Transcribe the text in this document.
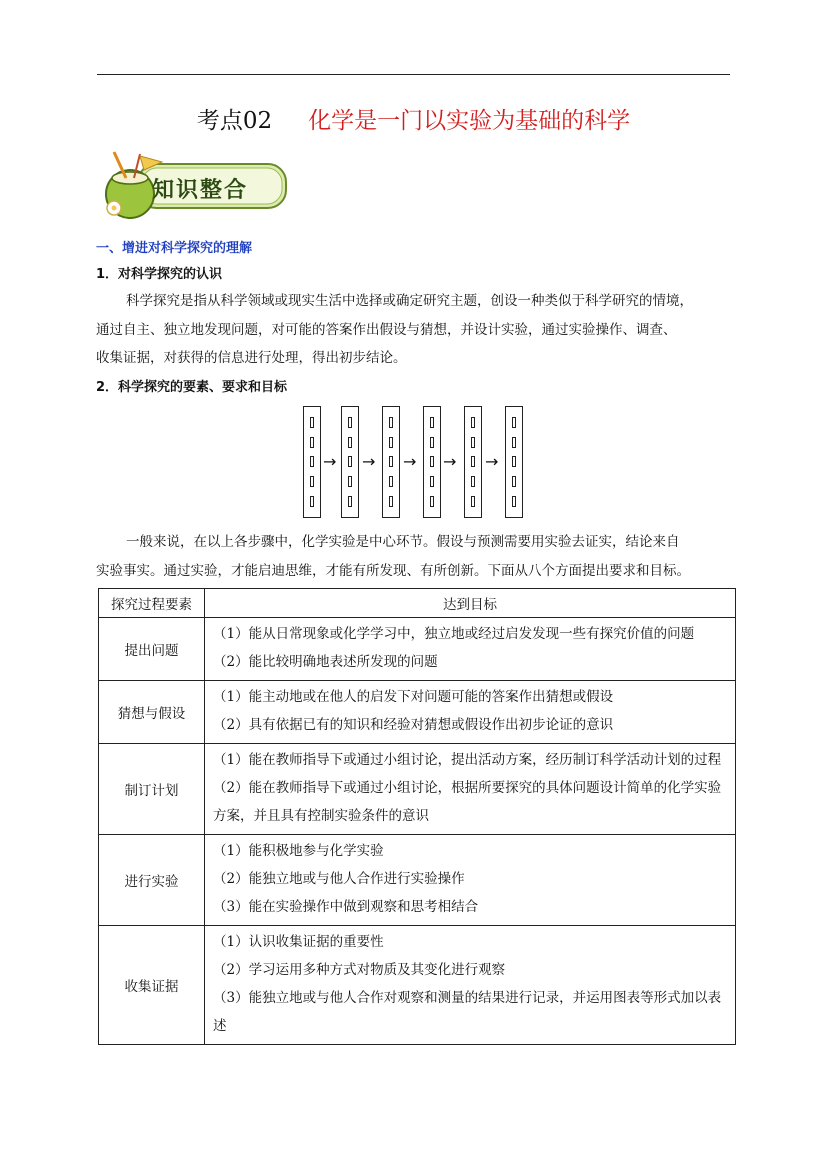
考点02 化学是一门以实验为基础的科学
知识整合
一、增进对科学探究的理解
1．对科学探究的认识
科学探究是指从科学领域或现实生活中选择或确定研究主题，创设一种类似于科学研究的情境，
通过自主、独立地发现问题，对可能的答案作出假设与猜想，并设计实验，通过实验操作、调查、
收集证据，对获得的信息进行处理，得出初步结论。
2．科学探究的要素、要求和目标
→ → → → →
一般来说，在以上各步骤中，化学实验是中心环节。假设与预测需要用实验去证实，结论来自
实验事实。通过实验，才能启迪思维，才能有所发现、有所创新。下面从八个方面提出要求和目标。
探究过程要素	达到目标
提出问题	（1）能从日常现象或化学学习中，独立地或经过启发发现一些有探究价值的问题
（2）能比较明确地表述所发现的问题

猜想与假设	（1）能主动地或在他人的启发下对问题可能的答案作出猜想或假设
（2）具有依据已有的知识和经验对猜想或假设作出初步论证的意识

制订计划	（1）能在教师指导下或通过小组讨论，提出活动方案，经历制订科学活动计划的过程
（2）能在教师指导下或通过小组讨论，根据所要探究的具体问题设计简单的化学实验方案，并且具有控制实验条件的意识

进行实验	（1）能积极地参与化学实验
（2）能独立地或与他人合作进行实验操作
（3）能在实验操作中做到观察和思考相结合

收集证据	（1）认识收集证据的重要性
（2）学习运用多种方式对物质及其变化进行观察
（3）能独立地或与他人合作对观察和测量的结果进行记录，并运用图表等形式加以表述
